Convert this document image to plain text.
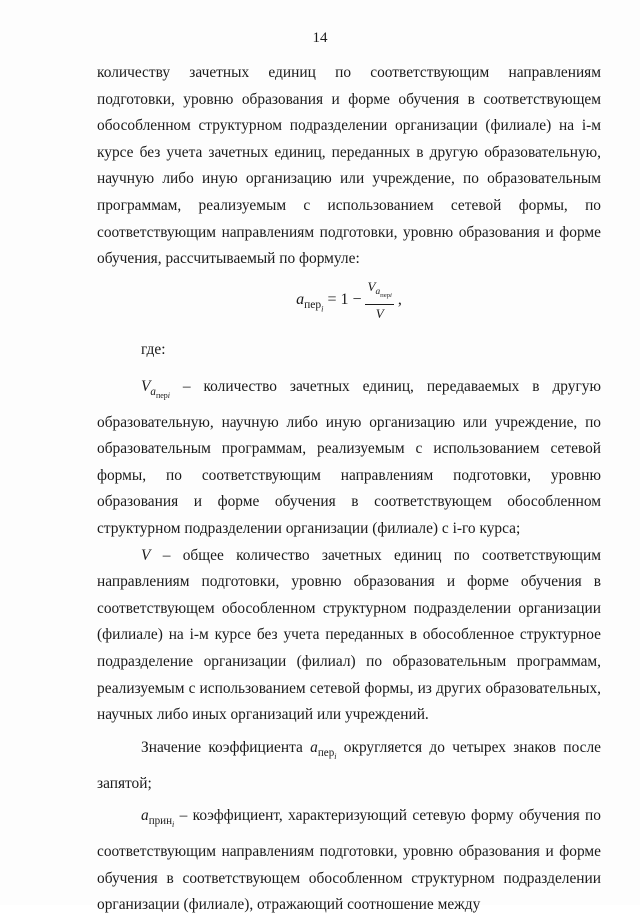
14

количеству зачетных единиц по соответствующим направлениям подготовки, уровню образования и форме обучения в соответствующем обособленном структурном подразделении организации (филиале) на i-м курсе без учета зачетных единиц, переданных в другую образовательную, научную либо иную организацию или учреждение, по образовательным программам, реализуемым с использованием сетевой формы, по соответствующим направлениям подготовки, уровню образования и форме обучения, рассчитываемый по формуле:

$a_{пер_i} = 1 - \frac{V_{a_{перi}}}{V}$ ,

где:

$V_{a_{перi}}$ – количество зачетных единиц, передаваемых в другую образовательную, научную либо иную организацию или учреждение, по образовательным программам, реализуемым с использованием сетевой формы, по соответствующим направлениям подготовки, уровню образования и форме обучения в соответствующем обособленном структурном подразделении организации (филиале) с i-го курса;

V – общее количество зачетных единиц по соответствующим направлениям подготовки, уровню образования и форме обучения в соответствующем обособленном структурном подразделении организации (филиале) на i-м курсе без учета переданных в обособленное структурное подразделение организации (филиал) по образовательным программам, реализуемым с использованием сетевой формы, из других образовательных, научных либо иных организаций или учреждений.

Значение коэффициента $a_{пер_i}$ округляется до четырех знаков после запятой;

$a_{прин_i}$ – коэффициент, характеризующий сетевую форму обучения по соответствующим направлениям подготовки, уровню образования и форме обучения в соответствующем обособленном структурном подразделении организации (филиале), отражающий соотношение между
